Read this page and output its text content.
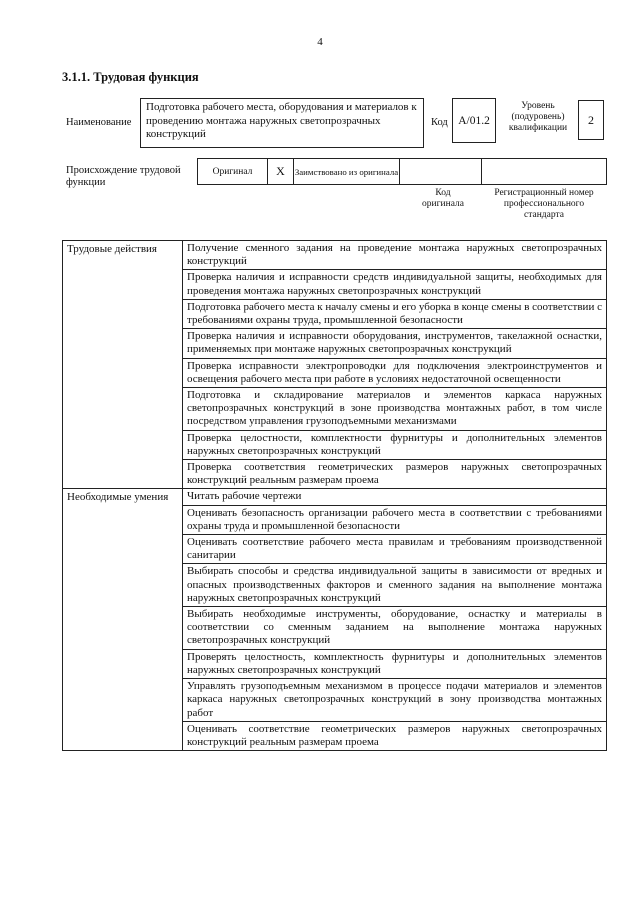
4
3.1.1. Трудовая функция
Наименование
Подготовка рабочего места, оборудования и материалов к проведению монтажа наружных светопрозрачных конструкций
Код А/01.2
Уровень (подуровень) квалификации
2
Происхождение трудовой функции
Оригинал	X	Заимствовано из оригинала
Код оригинала
Регистрационный номер профессионального стандарта
Трудовые действия	Получение сменного задания на проведение монтажа наружных светопрозрачных конструкций
	Проверка наличия и исправности средств индивидуальной защиты, необходимых для проведения монтажа наружных светопрозрачных конструкций
	Подготовка рабочего места к началу смены и его уборка в конце смены в соответствии с требованиями охраны труда, промышленной безопасности
	Проверка наличия и исправности оборудования, инструментов, такелажной оснастки, применяемых при монтаже наружных светопрозрачных конструкций
	Проверка исправности электропроводки для подключения электроинструментов и освещения рабочего места при работе в условиях недостаточной освещенности
	Подготовка и складирование материалов и элементов каркаса наружных светопрозрачных конструкций в зоне производства монтажных работ, в том числе посредством управления грузоподъемными механизмами
	Проверка целостности, комплектности фурнитуры и дополнительных элементов наружных светопрозрачных конструкций
	Проверка соответствия геометрических размеров наружных светопрозрачных конструкций реальным размерам проема
Необходимые умения	Читать рабочие чертежи
	Оценивать безопасность организации рабочего места в соответствии с требованиями охраны труда и промышленной безопасности
	Оценивать соответствие рабочего места правилам и требованиям производственной санитарии
	Выбирать способы и средства индивидуальной защиты в зависимости от вредных и опасных производственных факторов и сменного задания на выполнение монтажа наружных светопрозрачных конструкций
	Выбирать необходимые инструменты, оборудование, оснастку и материалы в соответствии со сменным заданием на выполнение монтажа наружных светопрозрачных конструкций
	Проверять целостность, комплектность фурнитуры и дополнительных элементов наружных светопрозрачных конструкций
	Управлять грузоподъемным механизмом в процессе подачи материалов и элементов каркаса наружных светопрозрачных конструкций в зону производства монтажных работ
	Оценивать соответствие геометрических размеров наружных светопрозрачных конструкций реальным размерам проема
